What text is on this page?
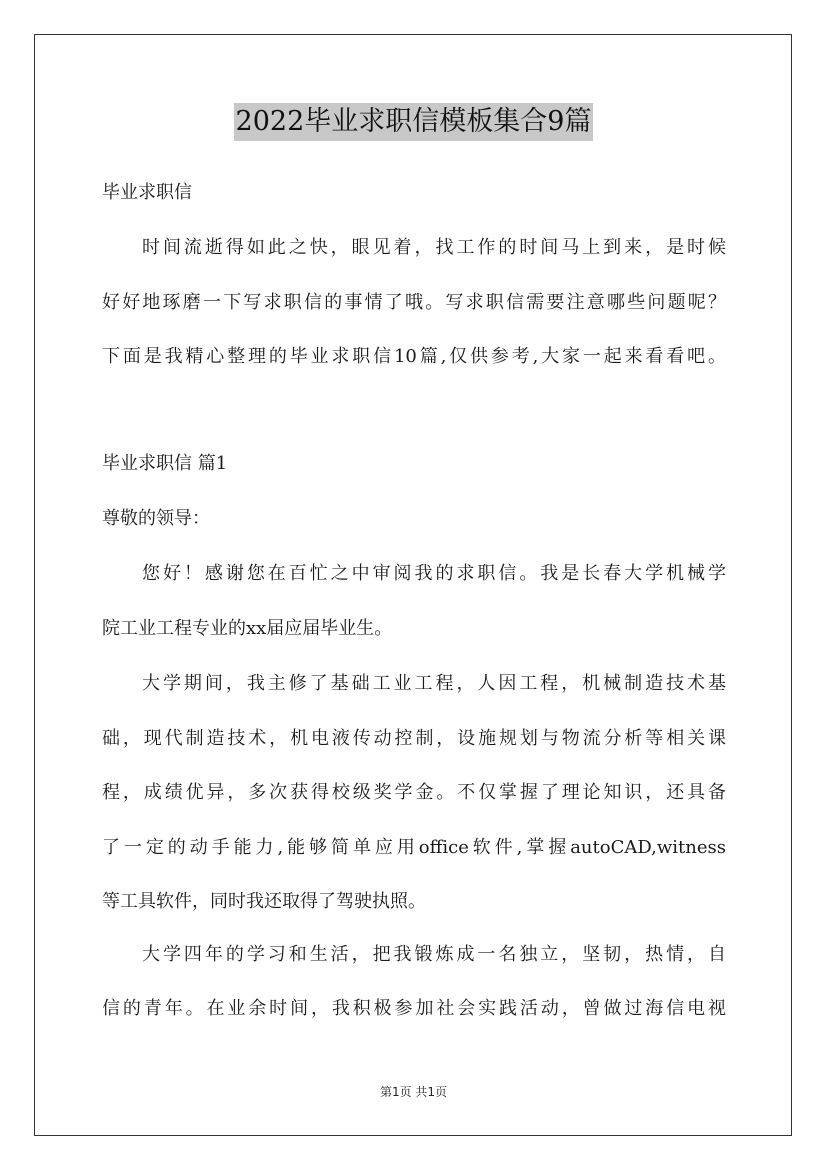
2022毕业求职信模板集合9篇
毕业求职信
时间流逝得如此之快，眼见着，找工作的时间马上到来，是时候
好好地琢磨一下写求职信的事情了哦。写求职信需要注意哪些问题呢？
下面是我精心整理的毕业求职信10篇,仅供参考,大家一起来看看吧。
毕业求职信 篇1
尊敬的领导：
您好！感谢您在百忙之中审阅我的求职信。我是长春大学机械学
院工业工程专业的xx届应届毕业生。
大学期间，我主修了基础工业工程，人因工程，机械制造技术基
础，现代制造技术，机电液传动控制，设施规划与物流分析等相关课
程，成绩优异，多次获得校级奖学金。不仅掌握了理论知识，还具备
了一定的动手能力,能够简单应用office软件,掌握autoCAD,witness
等工具软件，同时我还取得了驾驶执照。
大学四年的学习和生活，把我锻炼成一名独立，坚韧，热情，自
信的青年。在业余时间，我积极参加社会实践活动，曾做过海信电视
第1页 共1页
